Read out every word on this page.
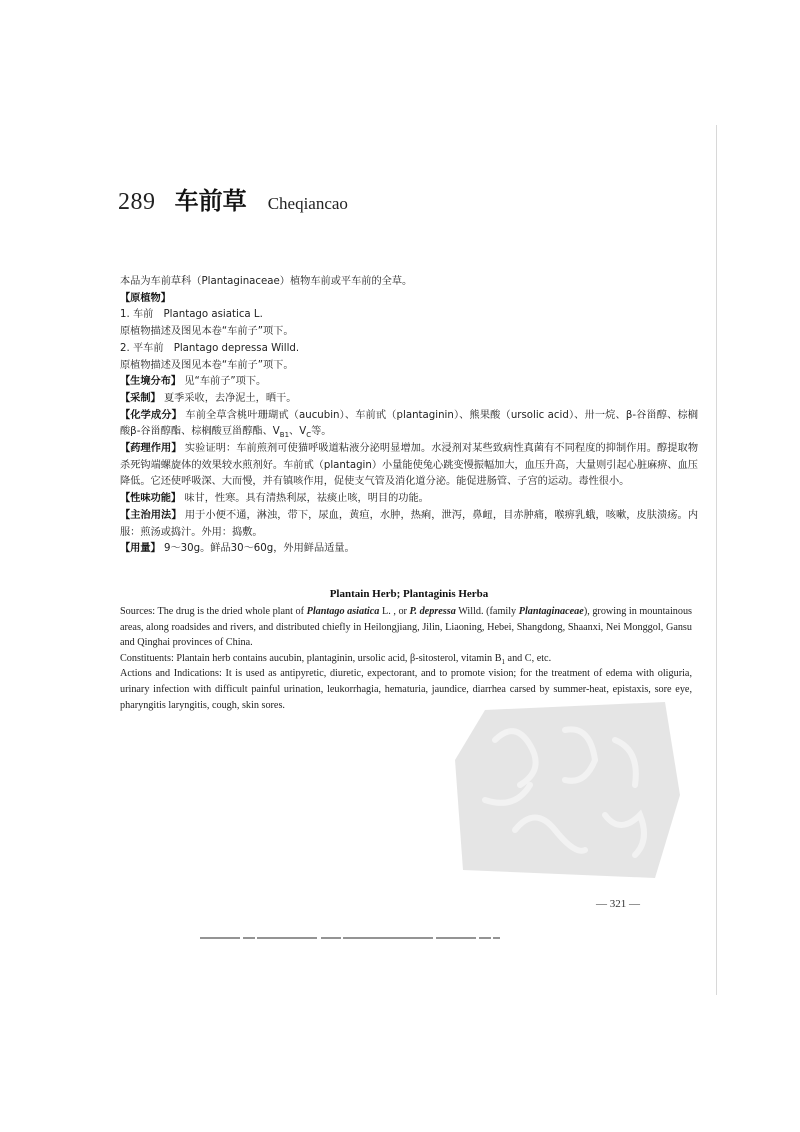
289 车前草 Cheqiancao

本品为车前草科（Plantaginaceae）植物车前或平车前的全草。

【原植物】

1. 车前　Plantago asiatica L.

原植物描述及图见本卷“车前子”项下。

2. 平车前　Plantago depressa Willd.

原植物描述及图见本卷“车前子”项下。

【生境分布】 见“车前子”项下。

【采制】 夏季采收，去净泥土，晒干。

【化学成分】 车前全草含桃叶珊瑚甙（aucubin）、车前甙（plantaginin）、熊果酸（ursolic acid）、卅一烷、β-谷甾醇、棕榈酸β-谷甾醇酯、棕榈酸豆甾醇酯、$V_{B1}$、$V_C$等。

【药理作用】 实验证明：车前煎剂可使猫呼吸道粘液分泌明显增加。水浸剂对某些致病性真菌有不同程度的抑制作用。醇提取物杀死钩端螺旋体的效果较水煎剂好。车前甙（plantagin）小量能使兔心跳变慢振幅加大，血压升高，大量则引起心脏麻痹、血压降低。它还使呼吸深、大而慢，并有镇咳作用，促使支气管及消化道分泌。能促进肠管、子宫的运动。毒性很小。

【性味功能】 味甘，性寒。具有清热利尿，祛痰止咳，明目的功能。

【主治用法】 用于小便不通，淋浊，带下，尿血，黄疸，水肿，热痢，泄泻，鼻衄，目赤肿痛，喉痹乳蛾，咳嗽，皮肤溃疡。内服：煎汤或捣汁。外用：捣敷。

【用量】 9～30g。鲜品30～60g，外用鲜品适量。

Plantain Herb; Plantaginis Herba

Sources: The drug is the dried whole plant of Plantago asiatica L. , or P. depressa Willd. (family Plantaginaceae), growing in mountainous areas, along roadsides and rivers, and distributed chiefly in Heilongjiang, Jilin, Liaoning, Hebei, Shangdong, Shaanxi, Nei Monggol, Gansu and Qinghai provinces of China.

Constituents: Plantain herb contains aucubin, plantaginin, ursolic acid, β-sitosterol, vitamin $B_1$ and C, etc.

Actions and Indications: It is used as antipyretic, diuretic, expectorant, and to promote vision; for the treatment of edema with oliguria, urinary infection with difficult painful urination, leukorrhagia, hematuria, jaundice, diarrhea carsed by summer-heat, epistaxis, sore eye, pharyngitis laryngitis, cough, skin sores.

— 321 —
